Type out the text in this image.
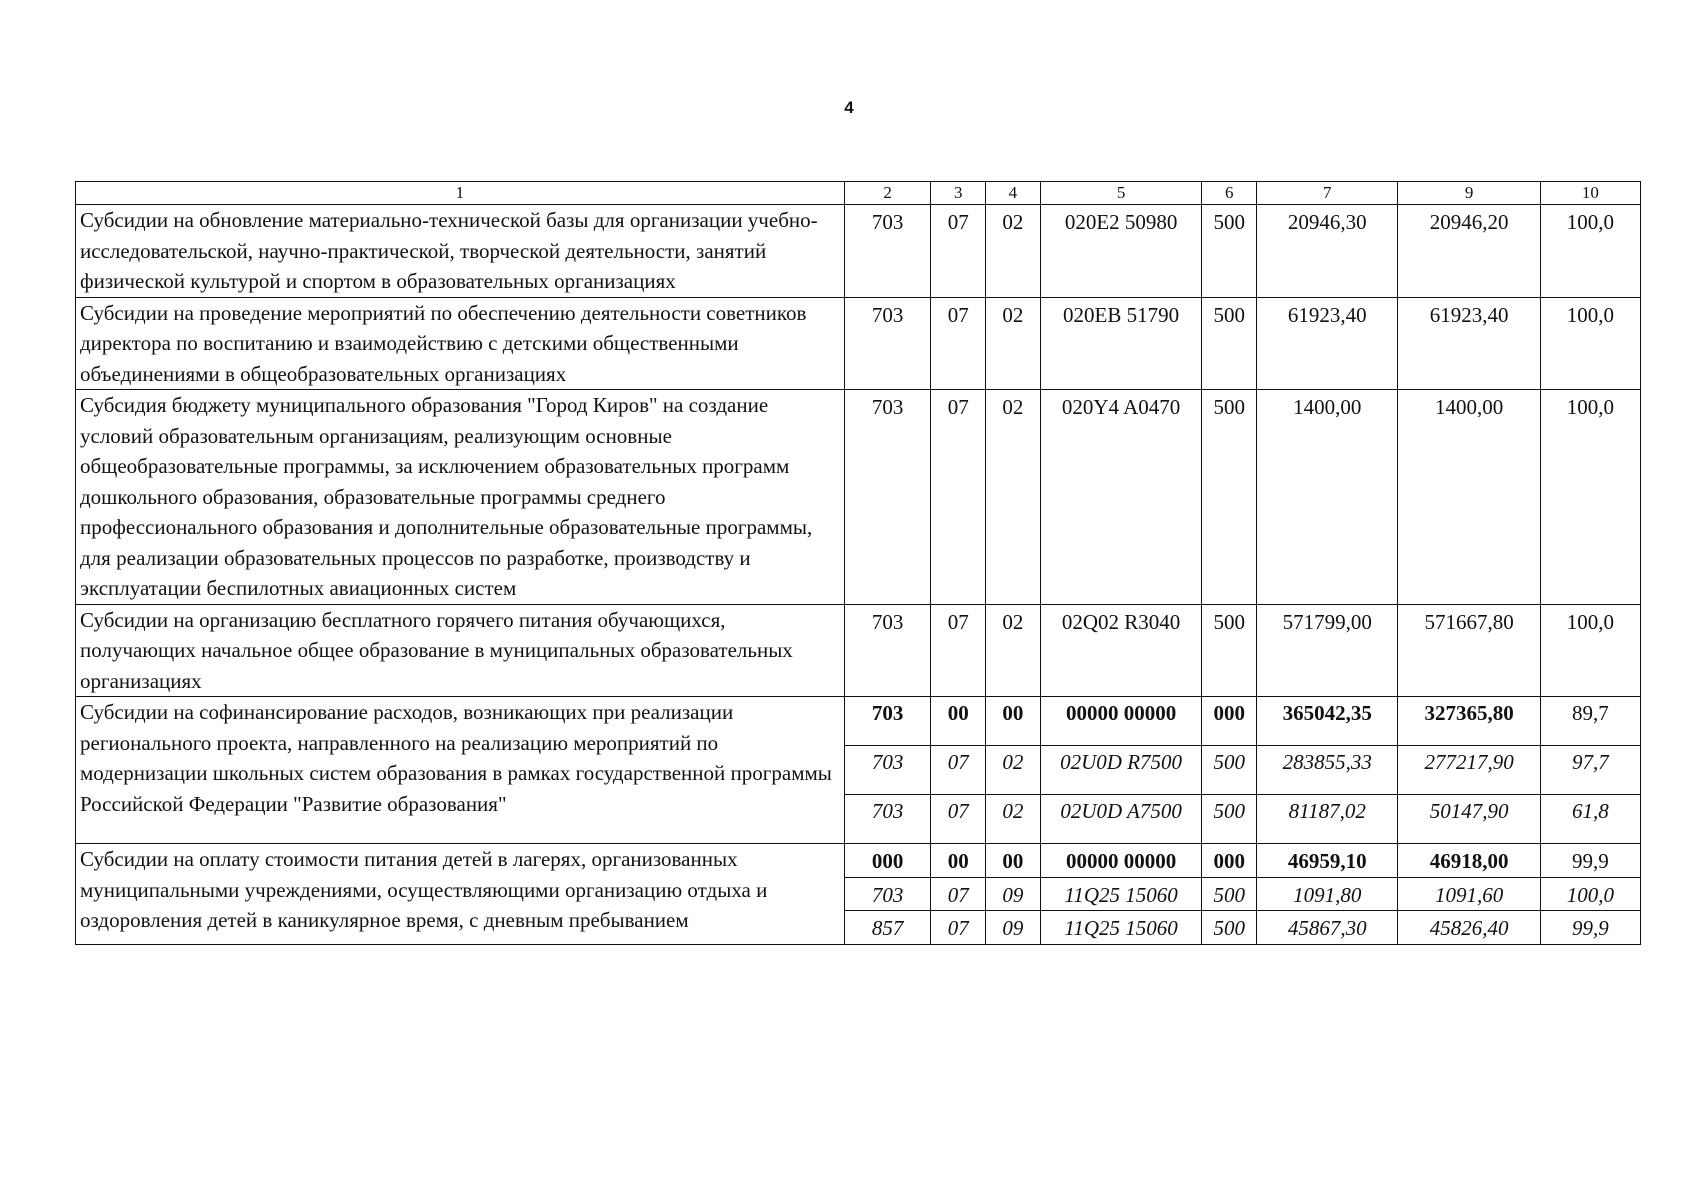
4
1	2	3	4	5	6	7	9	10
Субсидии на обновление материально-технической базы для организации учебно-исследовательской, научно-практической, творческой деятельности, занятий физической культурой и спортом в образовательных организациях	703	07	02	020E2 50980	500	20946,30	20946,20	100,0
Субсидии на проведение мероприятий по обеспечению деятельности советников директора по воспитанию и взаимодействию с детскими общественными объединениями в общеобразовательных организациях	703	07	02	020EB 51790	500	61923,40	61923,40	100,0
Субсидия бюджету муниципального образования "Город Киров" на создание условий образовательным организациям, реализующим основные общеобразовательные программы, за исключением образовательных программ дошкольного образования, образовательные программы среднего профессионального образования и дополнительные образовательные программы, для реализации образовательных процессов по разработке, производству и эксплуатации беспилотных авиационных систем	703	07	02	020Y4 A0470	500	1400,00	1400,00	100,0
Субсидии на организацию бесплатного горячего питания обучающихся, получающих начальное общее образование в муниципальных образовательных организациях	703	07	02	02Q02 R3040	500	571799,00	571667,80	100,0
Субсидии на софинансирование расходов, возникающих при реализации регионального проекта, направленного на реализацию мероприятий по модернизации школьных систем образования в рамках государственной программы Российской Федерации "Развитие образования"	703	00	00	00000 00000	000	365042,35	327365,80	89,7
	703	07	02	02U0D R7500	500	283855,33	277217,90	97,7
	703	07	02	02U0D A7500	500	81187,02	50147,90	61,8
Субсидии на оплату стоимости питания детей в лагерях, организованных муниципальными учреждениями, осуществляющими организацию отдыха и оздоровления детей в каникулярное время, с дневным пребыванием	000	00	00	00000 00000	000	46959,10	46918,00	99,9
	703	07	09	11Q25 15060	500	1091,80	1091,60	100,0
	857	07	09	11Q25 15060	500	45867,30	45826,40	99,9
